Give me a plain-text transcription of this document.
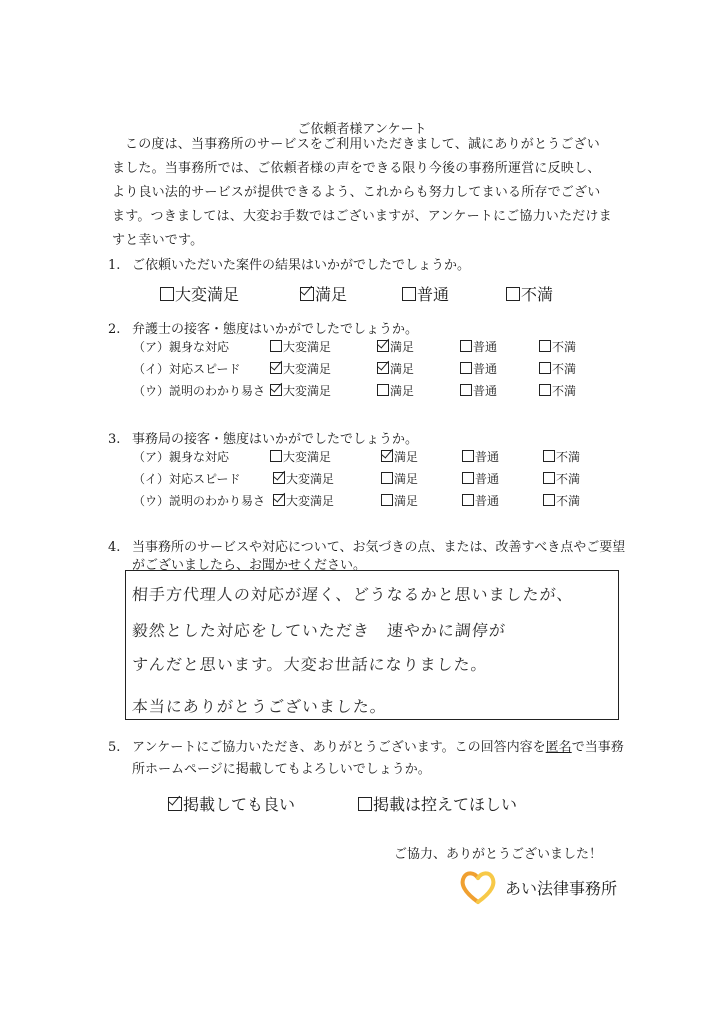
ご依頼者様アンケート
この度は、当事務所のサービスをご利用いただきまして、誠にありがとうございました。当事務所では、ご依頼者様の声をできる限り今後の事務所運営に反映し、より良い法的サービスが提供できるよう、これからも努力してまいる所存でございます。つきましては、大変お手数ではございますが、アンケートにご協力いただけますと幸いです。
1. ご依頼いただいた案件の結果はいかがでしたでしょうか。
大変満足	満足	普通	不満
2. 弁護士の接客・態度はいかがでしたでしょうか。
（ア）親身な対応	大変満足	満足	普通	不満
（イ）対応スピード	大変満足	満足	普通	不満
（ウ）説明のわかり易さ	大変満足	満足	普通	不満
3. 事務局の接客・態度はいかがでしたでしょうか。
（ア）親身な対応	大変満足	満足	普通	不満
（イ）対応スピード	大変満足	満足	普通	不満
（ウ）説明のわかり易さ	大変満足	満足	普通	不満
4. 当事務所のサービスや対応について、お気づきの点、または、改善すべき点やご要望
がございましたら、お聞かせください。
相手方代理人の対応が遅く、どうなるかと思いましたが、
毅然とした対応をしていただき　速やかに調停が
すんだと思います。大変お世話になりました。
本当にありがとうございました。
5. アンケートにご協力いただき、ありがとうございます。この回答内容を匿名で当事務
所ホームページに掲載してもよろしいでしょうか。
掲載しても良い	掲載は控えてほしい
ご協力、ありがとうございました！
あい法律事務所
